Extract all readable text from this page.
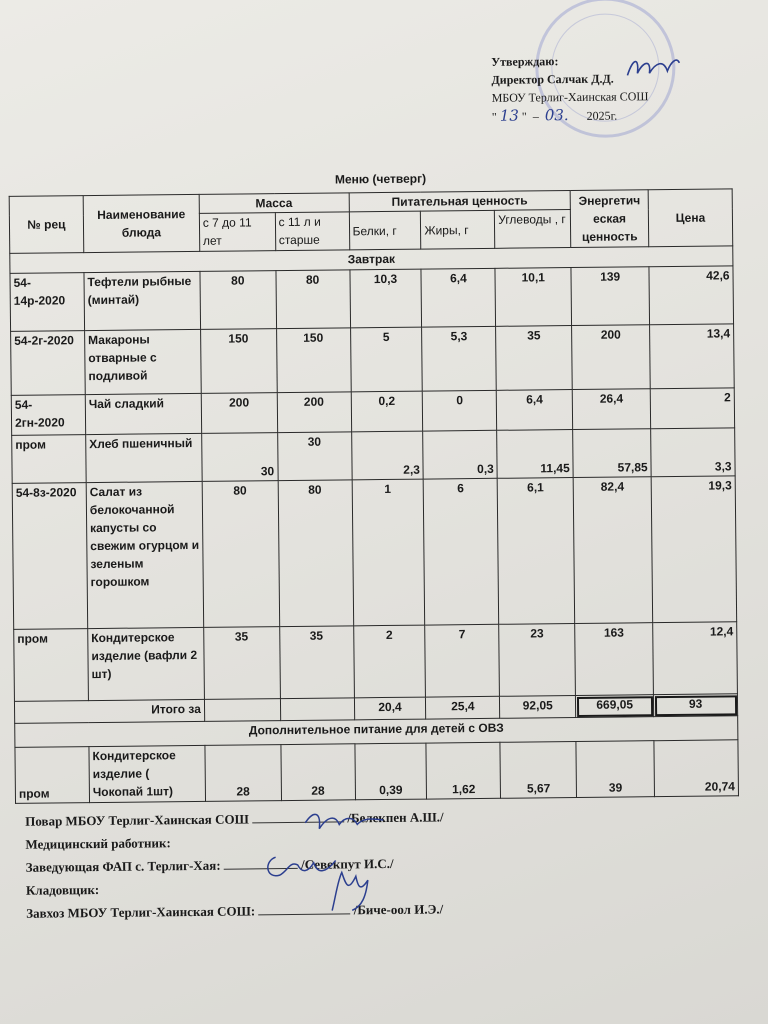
Утверждаю:
Директор Салчак Д.Д.
МБОУ Терлиг-Хаинская СОШ
" 13 "  –  03. 2025г.
Меню (четверг)
№ рец	Наименование блюда	Масса		Питательная ценность			Энергетич еская ценность	Цена
		с 7 до 11 лет	с 11 л и старше	Белки, г	Жиры, г	Углеводы , г		
Завтрак								
54-14р-2020	Тефтели рыбные (минтай)	80	80	10,3	6,4	10,1	139	42,6
54-2г-2020	Макароны отварные с подливой	150	150	5	5,3	35	200	13,4
54-2гн-2020	Чай сладкий	200	200	0,2	0	6,4	26,4	2
пром	Хлеб пшеничный	30	30	2,3	0,3	11,45	57,85	3,3
54-8з-2020	Салат из белокочанной капусты со свежим огурцом и зеленым горошком	80	80	1	6	6,1	82,4	19,3
пром	Кондитерское изделие (вафли 2 шт)	35	35	2	7	23	163	12,4
Итого за				20,4	25,4	92,05	669,05	93
Дополнительное питание для детей с ОВЗ								
пром	Кондитерское изделие ( Чокопай 1шт)	28	28	0,39	1,62	5,67	39	20,74
Повар МБОУ Терлиг-Хаинская СОШ	/Белекпен А.Ш./
Медицинский работник:
Заведующая ФАП с. Терлиг-Хая:	/Севекпут И.С./
Кладовщик:
Завхоз МБОУ Терлиг-Хаинская СОШ:	/Биче-оол И.Э./
